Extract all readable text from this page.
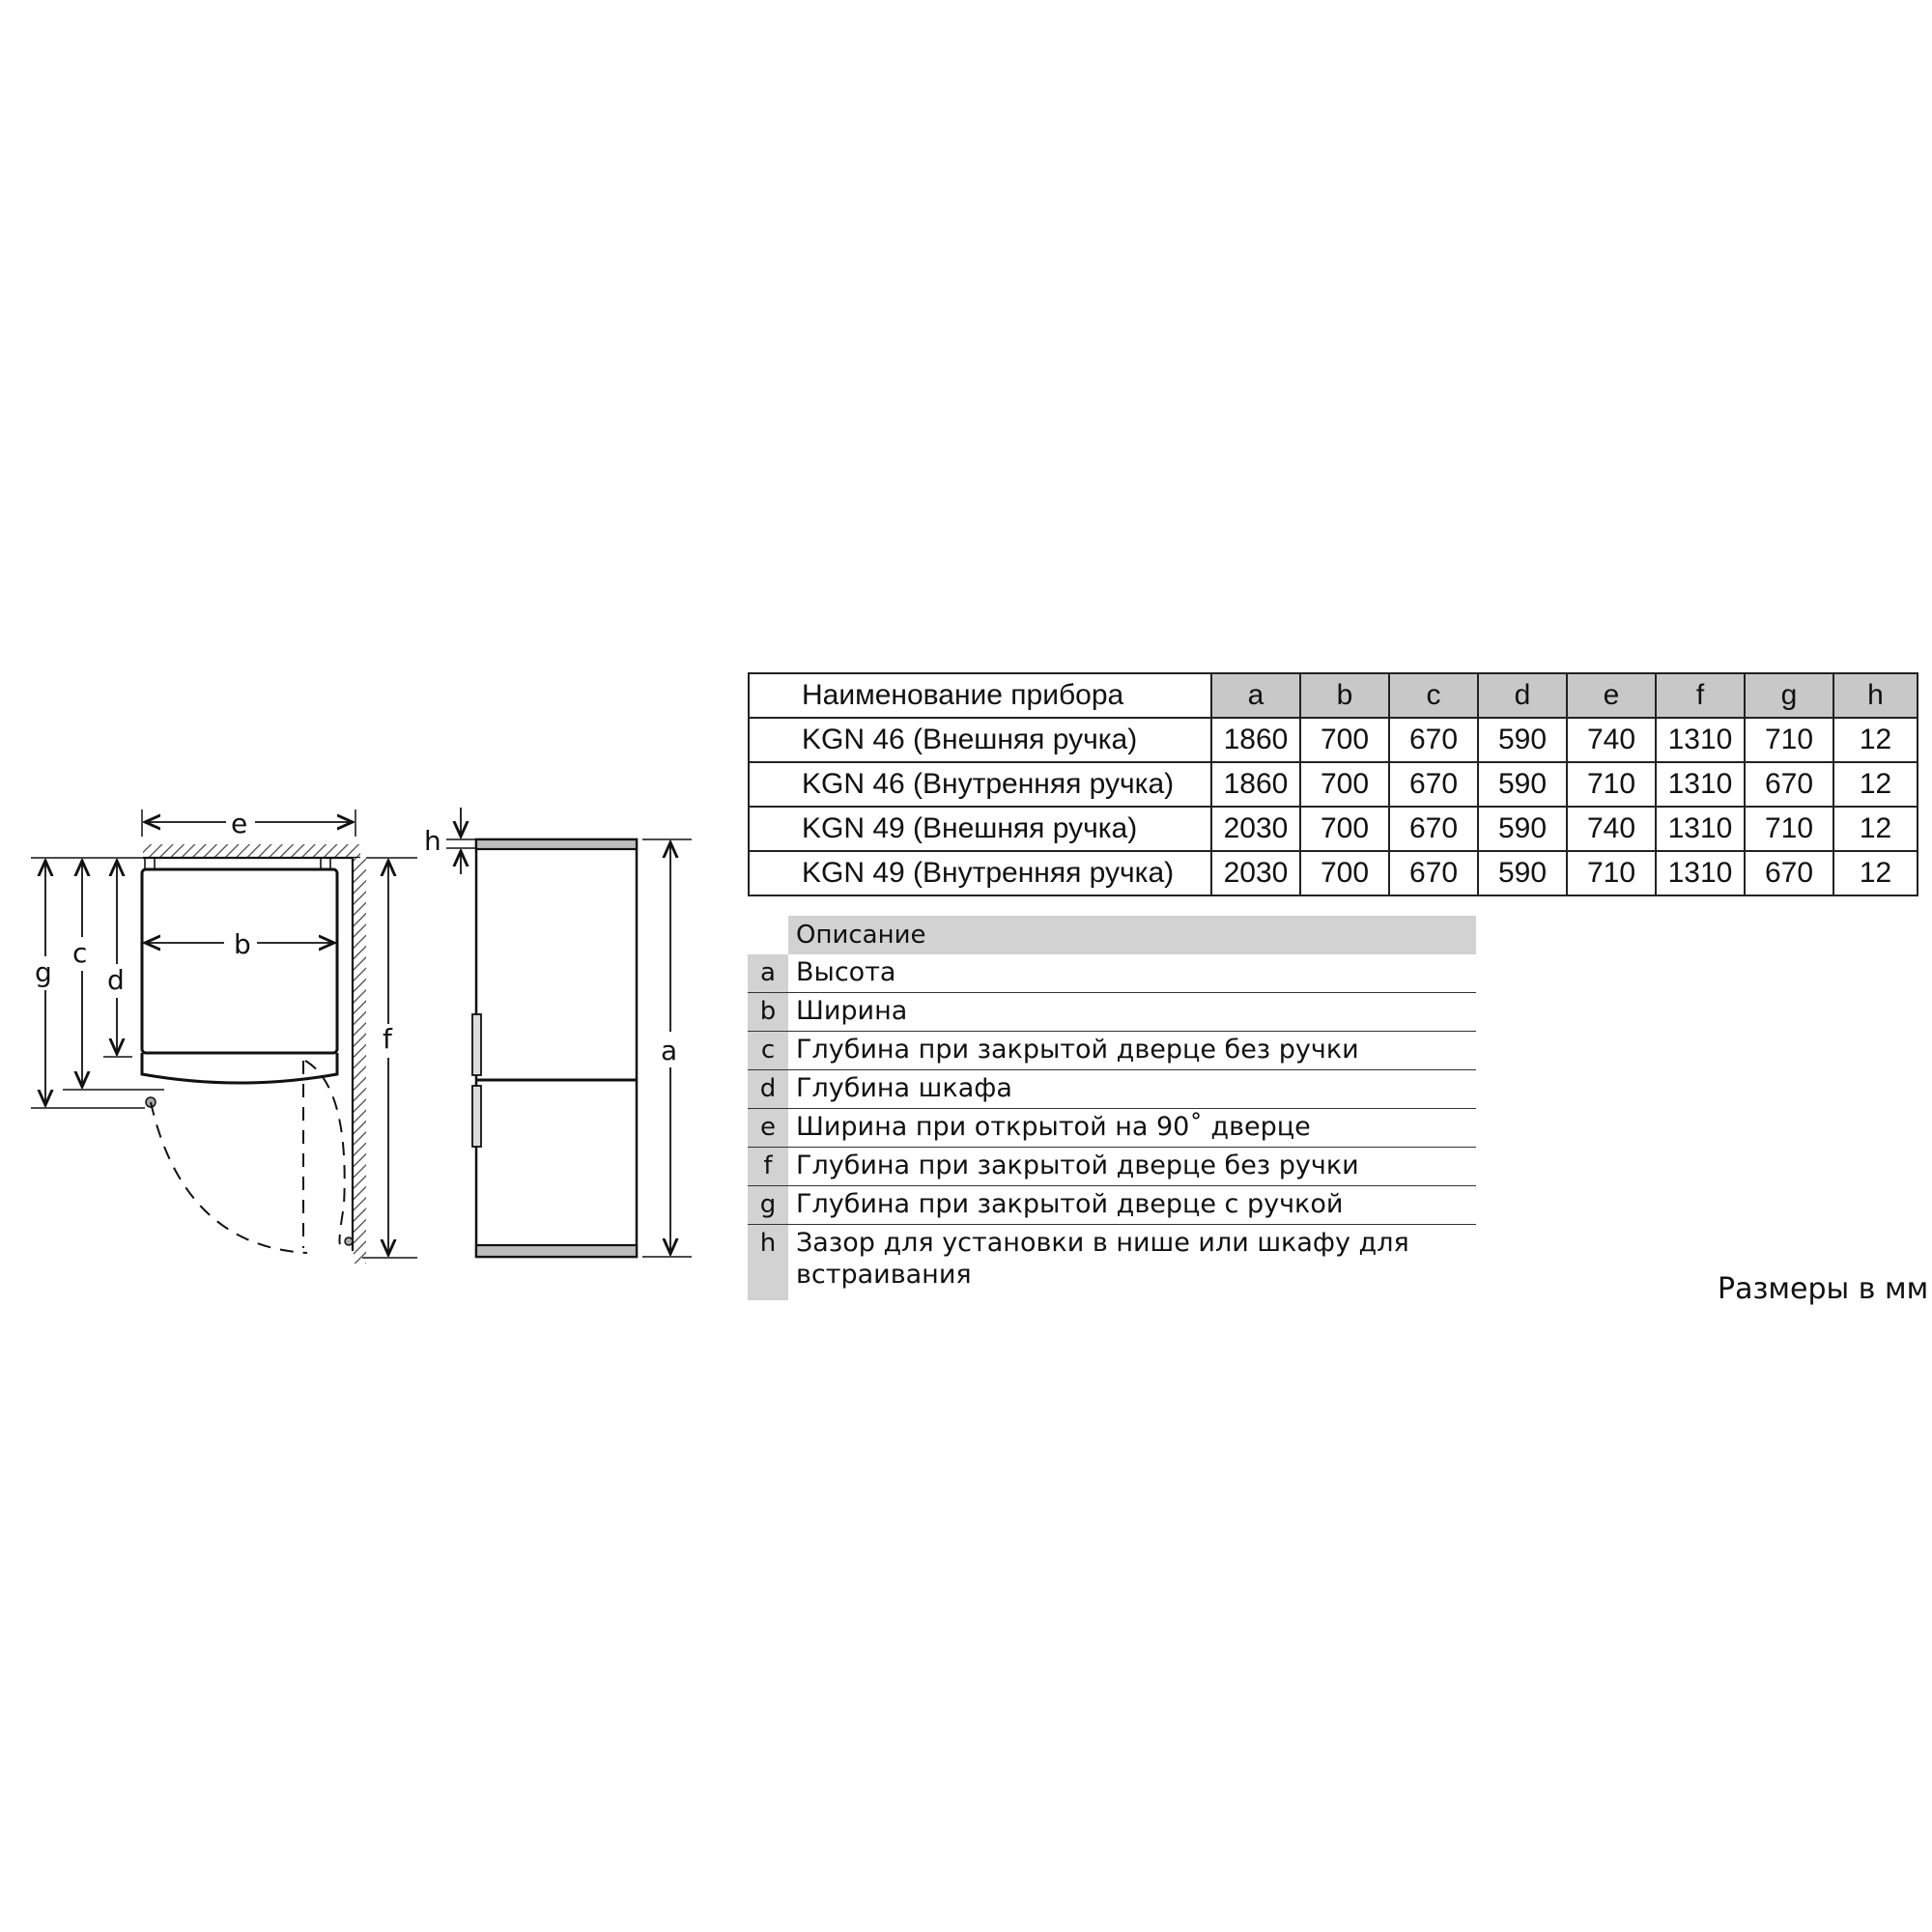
e
b
g
c
d
f
h
a
Наименование прибора	a	b	c	d	e	f	g	h
KGN 46 (Внешняя ручка)	1860	700	670	590	740	1310	710	12
KGN 46 (Внутренняя ручка)	1860	700	670	590	710	1310	670	12
KGN 49 (Внешняя ручка)	2030	700	670	590	740	1310	710	12
KGN 49 (Внутренняя ручка)	2030	700	670	590	710	1310	670	12
Описание
a Высота
b Ширина
c Глубина при закрытой дверце без ручки
d Глубина шкафа
e Ширина при открытой на 90˚ дверце
f Глубина при закрытой дверце без ручки
g Глубина при закрытой дверце с ручкой
h Зазор для установки в нише или шкафу для встраивания	Размеры в мм
